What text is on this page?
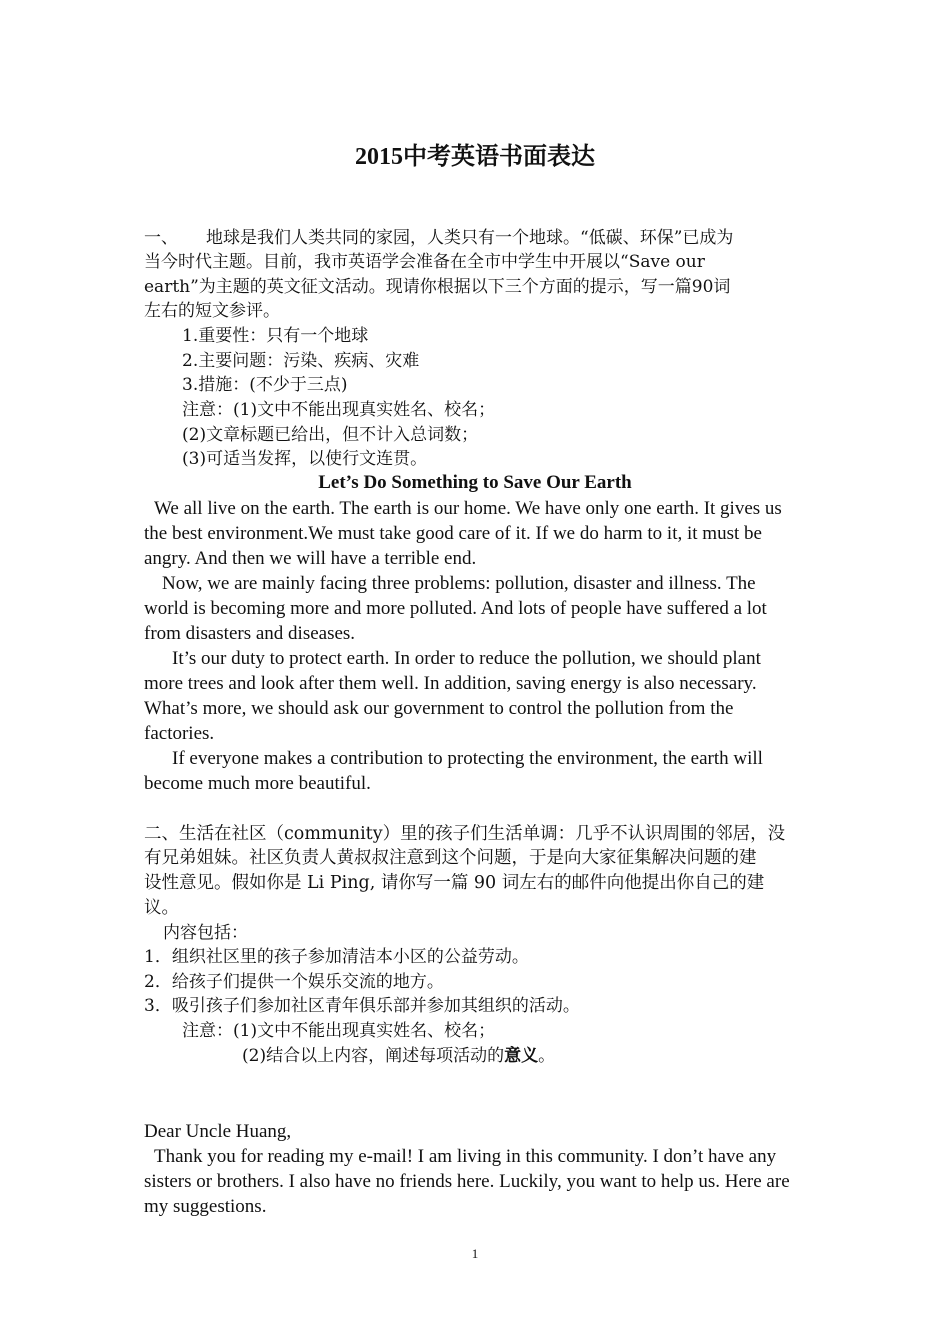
2015中考英语书面表达
一、 地球是我们人类共同的家园，人类只有一个地球。“低碳、环保”已成为
当今时代主题。目前，我市英语学会准备在全市中学生中开展以“Save our
earth”为主题的英文征文活动。现请你根据以下三个方面的提示，写一篇90词
左右的短文参评。
1.重要性：只有一个地球
2.主要问题：污染、疾病、灾难
3.措施：(不少于三点)
注意：(1)文中不能出现真实姓名、校名；
(2)文章标题已给出，但不计入总词数；
(3)可适当发挥，以使行文连贯。
Let’s Do Something to Save Our Earth
We all live on the earth. The earth is our home. We have only one earth. It gives us
the best environment.We must take good care of it. If we do harm to it, it must be
angry. And then we will have a terrible end.
Now, we are mainly facing three problems: pollution, disaster and illness. The
world is becoming more and more polluted. And lots of people have suffered a lot
from disasters and diseases.
It’s our duty to protect earth. In order to reduce the pollution, we should plant
more trees and look after them well. In addition, saving energy is also necessary.
What’s more, we should ask our government to control the pollution from the
factories.
If everyone makes a contribution to protecting the environment, the earth will
become much more beautiful.
二、生活在社区（community）里的孩子们生活单调：几乎不认识周围的邻居，没
有兄弟姐妹。社区负责人黄叔叔注意到这个问题，于是向大家征集解决问题的建
设性意见。假如你是 Li Ping, 请你写一篇 90 词左右的邮件向他提出你自己的建
议。
内容包括：
1．组织社区里的孩子参加清洁本小区的公益劳动。
2．给孩子们提供一个娱乐交流的地方。
3．吸引孩子们参加社区青年俱乐部并参加其组织的活动。
注意：(1)文中不能出现真实姓名、校名；
(2)结合以上内容，阐述每项活动的意义。
Dear Uncle Huang,
Thank you for reading my e-mail! I am living in this community. I don’t have any
sisters or brothers. I also have no friends here. Luckily, you want to help us. Here are
my suggestions.
1
